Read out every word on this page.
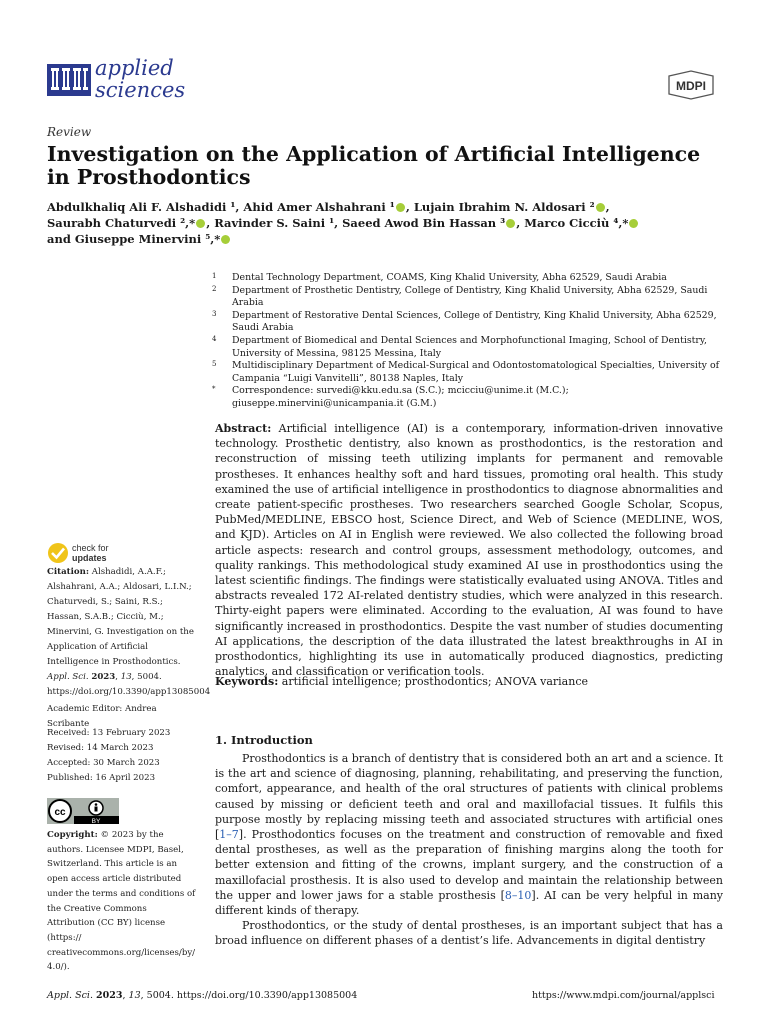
applied
sciences	MDPI
Review
Investigation on the Application of Artificial Intelligence in Prosthodontics
Abdulkhaliq Ali F. Alshadidi ¹, Ahid Amer Alshahrani ¹ , Lujain Ibrahim N. Aldosari ² ,
Saurabh Chaturvedi ²,* , Ravinder S. Saini ¹, Saeed Awod Bin Hassan ³ , Marco Cicciù ⁴,*
and Giuseppe Minervini ⁵,*
1 Dental Technology Department, COAMS, King Khalid University, Abha 62529, Saudi Arabia
2 Department of Prosthetic Dentistry, College of Dentistry, King Khalid University, Abha 62529, Saudi Arabia
3 Department of Restorative Dental Sciences, College of Dentistry, King Khalid University, Abha 62529, Saudi Arabia
4 Department of Biomedical and Dental Sciences and Morphofunctional Imaging, School of Dentistry, University of Messina, 98125 Messina, Italy
5 Multidisciplinary Department of Medical-Surgical and Odontostomatological Specialties, University of Campania “Luigi Vanvitelli”, 80138 Naples, Italy
* Correspondence: survedi@kku.edu.sa (S.C.); mcicciu@unime.it (M.C.); giuseppe.minervini@unicampania.it (G.M.)
Abstract: Artificial intelligence (AI) is a contemporary, information-driven innovative technology. Prosthetic dentistry, also known as prosthodontics, is the restoration and reconstruction of missing teeth utilizing implants for permanent and removable prostheses. It enhances healthy soft and hard tissues, promoting oral health. This study examined the use of artificial intelligence in prosthodontics to diagnose abnormalities and create patient-specific prostheses. Two researchers searched Google Scholar, Scopus, PubMed/MEDLINE, EBSCO host, Science Direct, and Web of Science (MEDLINE, WOS, and KJD). Articles on AI in English were reviewed. We also collected the following broad article aspects: research and control groups, assessment methodology, outcomes, and quality rankings. This methodological study examined AI use in prosthodontics using the latest scientific findings. The findings were statistically evaluated using ANOVA. Titles and abstracts revealed 172 AI-related dentistry studies, which were analyzed in this research. Thirty-eight papers were eliminated. According to the evaluation, AI was found to have significantly increased in prosthodontics. Despite the vast number of studies documenting AI applications, the description of the data illustrated the latest breakthroughs in AI in prosthodontics, highlighting its use in automatically produced diagnostics, predicting analytics, and classification or verification tools.
Keywords: artificial intelligence; prosthodontics; ANOVA variance
1. Introduction

Prosthodontics is a branch of dentistry that is considered both an art and a science. It is the art and science of diagnosing, planning, rehabilitating, and preserving the function, comfort, appearance, and health of the oral structures of patients with clinical problems caused by missing or deficient teeth and oral and maxillofacial tissues. It fulfils this purpose mostly by replacing missing teeth and associated structures with artificial ones [1–7]. Prosthodontics focuses on the treatment and construction of removable and fixed dental prostheses, as well as the preparation of finishing margins along the tooth for better extension and fitting of the crowns, implant surgery, and the construction of a maxillofacial prosthesis. It is also used to develop and maintain the relationship between the upper and lower jaws for a stable prosthesis [8–10]. AI can be very helpful in many different kinds of therapy.

Prosthodontics, or the study of dental prostheses, is an important subject that has a broad influence on different phases of a dentist’s life. Advancements in digital dentistry

check for
updates
Citation: Alshadidi, A.A.F.; Alshahrani, A.A.; Aldosari, L.I.N.; Chaturvedi, S.; Saini, R.S.; Hassan, S.A.B.; Cicciù, M.; Minervini, G. Investigation on the Application of Artificial Intelligence in Prosthodontics. Appl. Sci. 2023, 13, 5004. https://doi.org/10.3390/app13085004
Academic Editor: Andrea Scribante
Received: 13 February 2023
Revised: 14 March 2023
Accepted: 30 March 2023
Published: 16 April 2023
cc
BY
Copyright: © 2023 by the authors. Licensee MDPI, Basel, Switzerland. This article is an open access article distributed under the terms and conditions of the Creative Commons Attribution (CC BY) license (https:// creativecommons.org/licenses/by/ 4.0/).
Appl. Sci. 2023, 13, 5004. https://doi.org/10.3390/app13085004	https://www.mdpi.com/journal/applsci
